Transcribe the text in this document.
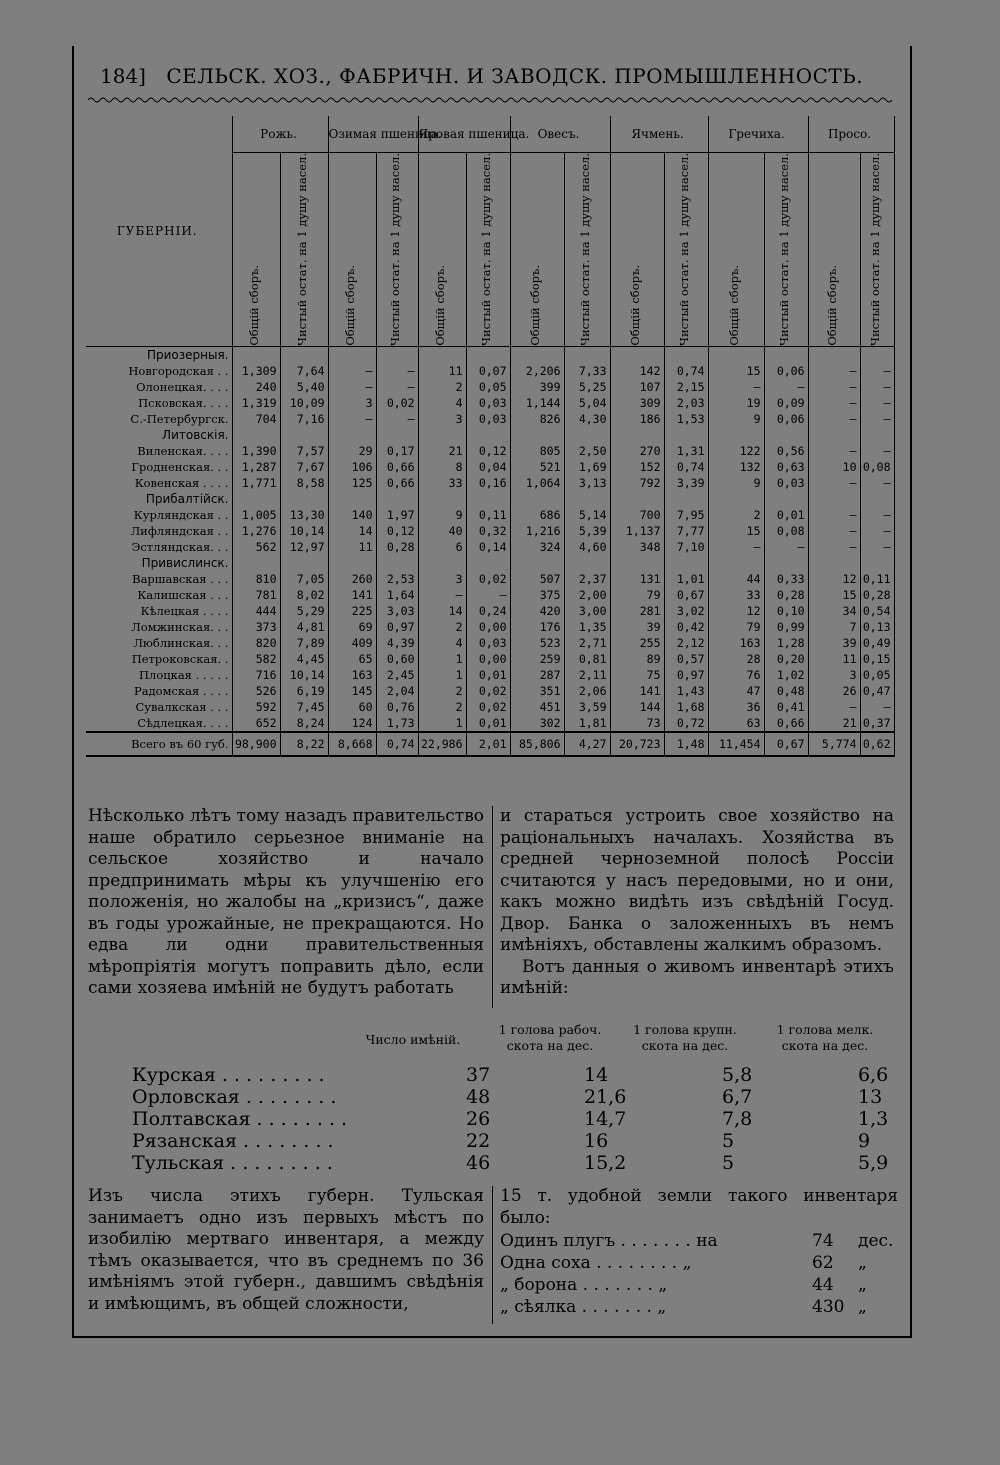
184] СЕЛЬСК. ХОЗ., ФАБРИЧН. И ЗАВОДСК. ПРОМЫШЛЕННОСТЬ.
ГУБЕРНІИ.	Рожь.		Озимая пшеница.		Яровая пшеница.		Овесъ.		Ячмень.		Гречиха.		Просо.	

	Общій сборъ.	Чистый остат. на 1 душу насел.	Общій сборъ.	Чистый остат. на 1 душу насел.	Общій сборъ.	Чистый остат. на 1 душу насел.	Общій сборъ.	Чистый остат. на 1 душу насел.	Общій сборъ.	Чистый остат. на 1 душу насел.	Общій сборъ.	Чистый остат. на 1 душу насел.	Общій сборъ.	Чистый остат. на 1 душу насел.

Приозерныя.														
Новгородская . .	1,309	7,64	—	—	11	0,07	2,206	7,33	142	0,74	15	0,06	—	—
Олонецкая. . . .	240	5,40	—	—	2	0,05	399	5,25	107	2,15	—	—	—	—
Псковская. . . .	1,319	10,09	3	0,02	4	0,03	1,144	5,04	309	2,03	19	0,09	—	—
С.-Петербургск.	704	7,16	—	—	3	0,03	826	4,30	186	1,53	9	0,06	—	—
Литовскія.														
Виленская. . . .	1,390	7,57	29	0,17	21	0,12	805	2,50	270	1,31	122	0,56	—	—
Гродненская. . .	1,287	7,67	106	0,66	8	0,04	521	1,69	152	0,74	132	0,63	10	0,08
Ковенская . . . .	1,771	8,58	125	0,66	33	0,16	1,064	3,13	792	3,39	9	0,03	—	—
Прибалтійск.														
Курляндская . .	1,005	13,30	140	1,97	9	0,11	686	5,14	700	7,95	2	0,01	—	—
Лифляндская . .	1,276	10,14	14	0,12	40	0,32	1,216	5,39	1,137	7,77	15	0,08	—	—
Эстляндская. . .	562	12,97	11	0,28	6	0,14	324	4,60	348	7,10	—	—	—	—
Привислинск.														
Варшавская . . .	810	7,05	260	2,53	3	0,02	507	2,37	131	1,01	44	0,33	12	0,11
Калишская . . .	781	8,02	141	1,64	—	—	375	2,00	79	0,67	33	0,28	15	0,28
Кѣлецкая . . . .	444	5,29	225	3,03	14	0,24	420	3,00	281	3,02	12	0,10	34	0,54
Ломжинская. . .	373	4,81	69	0,97	2	0,00	176	1,35	39	0,42	79	0,99	7	0,13
Люблинская. . .	820	7,89	409	4,39	4	0,03	523	2,71	255	2,12	163	1,28	39	0,49
Петроковская. .	582	4,45	65	0,60	1	0,00	259	0,81	89	0,57	28	0,20	11	0,15
Плоцкая . . . . .	716	10,14	163	2,45	1	0,01	287	2,11	75	0,97	76	1,02	3	0,05
Радомская . . . .	526	6,19	145	2,04	2	0,02	351	2,06	141	1,43	47	0,48	26	0,47
Сувалкская . . .	592	7,45	60	0,76	2	0,02	451	3,59	144	1,68	36	0,41	—	—
Сѣдлецкая. . . .	652	8,24	124	1,73	1	0,01	302	1,81	73	0,72	63	0,66	21	0,37
Всего въ 60 губ.	98,900	8,22	8,668	0,74	22,986	2,01	85,806	4,27	20,723	1,48	11,454	0,67	5,774	0,62
Нѣсколько лѣтъ тому назадъ правительство наше обратило серьезное вниманіе на сельское хозяйство и начало предпринимать мѣры къ улучшенію его положенія, но жалобы на „кризисъ“, даже въ годы урожайные, не прекращаются. Но едва ли одни правительственныя мѣропріятія могутъ поправить дѣло, если сами хозяева имѣній не будутъ работать
и стараться устроить свое хозяйство на раціональныхъ началахъ. Хозяйства въ средней черноземной полосѣ Россіи считаются у насъ передовыми, но и они, какъ можно видѣть изъ свѣдѣній Госуд. Двор. Банка о заложенныхъ въ немъ имѣніяхъ, обставлены жалкимъ образомъ.
Вотъ данныя о живомъ инвентарѣ этихъ имѣній:
Число имѣній.
1 голова рабоч. скота на дес.
1 голова крупн. скота на дес.
1 голова мелк. скота на дес.
Курская . . . . . . . . .	37	14	5,8	6,6
Орловская . . . . . . . .	48	21,6	6,7	13
Полтавская . . . . . . . .	26	14,7	7,8	1,3
Рязанская . . . . . . . .	22	16	5	9
Тульская . . . . . . . . .	46	15,2	5	5,9
Изъ числа этихъ губерн. Тульская занимаетъ одно изъ первыхъ мѣстъ по изобилію мертваго инвентаря, а между тѣмъ оказывается, что въ среднемъ по 36 имѣніямъ этой губерн., давшимъ свѣдѣнія и имѣющимъ, въ общей сложности,
15 т. удобной земли такого инвентаря было:
Одинъ плугъ . . . . . . . на	74 дес.
Одна соха . . . . . . . . „	62 „
„ борона . . . . . . . „	44 „
„ сѣялка . . . . . . . „	430 „
